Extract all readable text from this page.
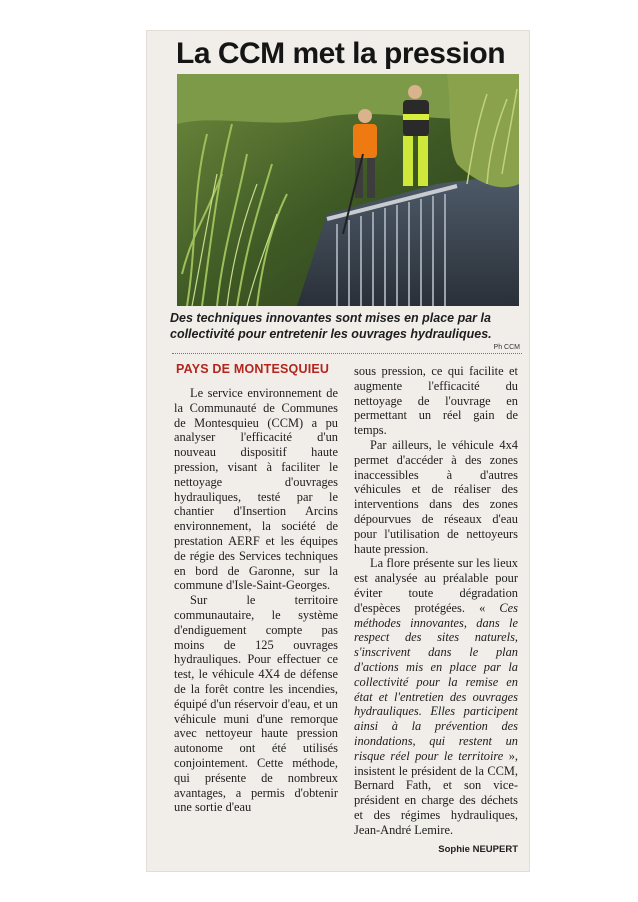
La CCM met la pression

Des techniques innovantes sont mises en place par la collectivité pour entretenir les ouvrages hydrauliques.

Ph CCM
PAYS DE MONTESQUIEU

Le service environnement de la Communauté de Communes de Montesquieu (CCM) a pu analyser l'efficacité d'un nouveau dispositif haute pression, visant à faciliter le nettoyage d'ouvrages hydrauliques, testé par le chantier d'Insertion Arcins environnement, la société de prestation AERF et les équipes de régie des Services techniques en bord de Garonne, sur la commune d'Isle-Saint-Georges.

Sur le territoire communautaire, le système d'endiguement compte pas moins de 125 ouvrages hydrauliques. Pour effectuer ce test, le véhicule 4X4 de défense de la forêt contre les incendies, équipé d'un réservoir d'eau, et un véhicule muni d'une remorque avec nettoyeur haute pression autonome ont été utilisés conjointement. Cette méthode, qui présente de nombreux avantages, a permis d'obtenir une sortie d'eau

sous pression, ce qui facilite et augmente l'efficacité du nettoyage de l'ouvrage en permettant un réel gain de temps.

Par ailleurs, le véhicule 4x4 permet d'accéder à des zones inaccessibles à d'autres véhicules et de réaliser des interventions dans des zones dépourvues de réseaux d'eau pour l'utilisation de nettoyeurs haute pression.

La flore présente sur les lieux est analysée au préalable pour éviter toute dégradation d'espèces protégées. « Ces méthodes innovantes, dans le respect des sites naturels, s'inscrivent dans le plan d'actions mis en place par la collectivité pour la remise en état et l'entretien des ouvrages hydrauliques. Elles participent ainsi à la prévention des inondations, qui restent un risque réel pour le territoire », insistent le président de la CCM, Bernard Fath, et son vice-président en charge des déchets et des régimes hydrauliques, Jean-André Lemire.

Sophie NEUPERT
